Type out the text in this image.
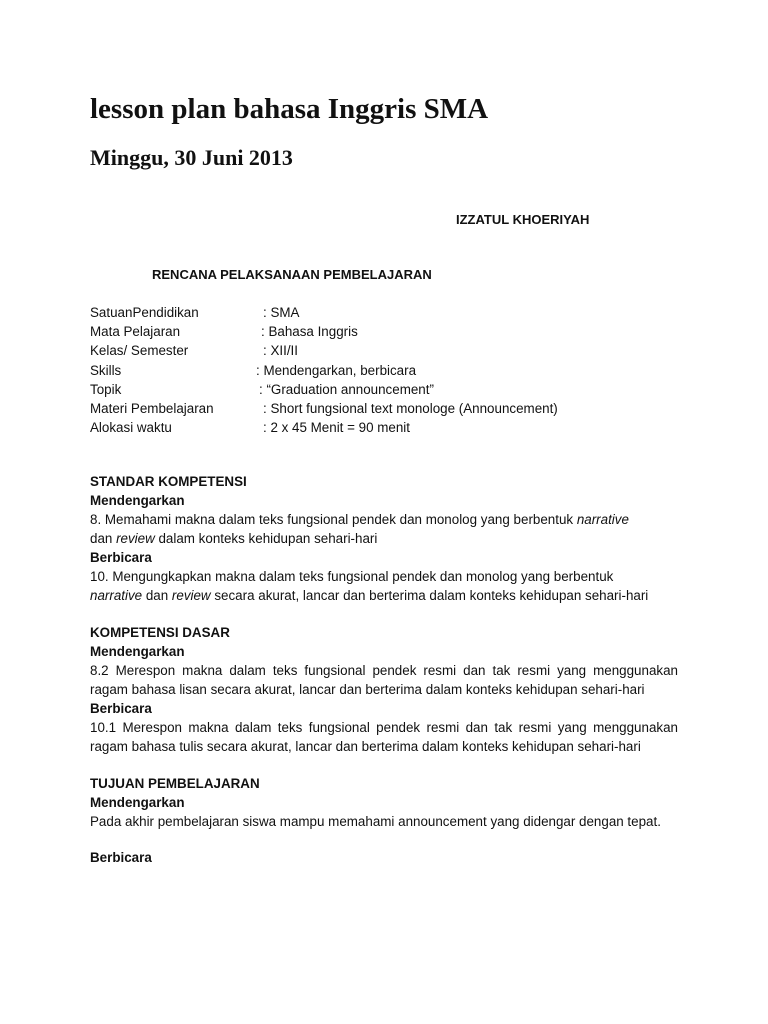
lesson plan bahasa Inggris SMA
Minggu, 30 Juni 2013
IZZATUL KHOERIYAH
RENCANA PELAKSANAAN PEMBELAJARAN
SatuanPendidikan	: SMA
Mata Pelajaran	: Bahasa Inggris
Kelas/ Semester	: XII/II
Skills	: Mendengarkan, berbicara
Topik	: “Graduation announcement”
Materi Pembelajaran	: Short fungsional text monologe (Announcement)
Alokasi waktu	: 2 x 45 Menit = 90 menit
STANDAR KOMPETENSI
Mendengarkan
8. Memahami makna dalam teks fungsional pendek dan monolog yang berbentuk narrative
dan review dalam konteks kehidupan sehari-hari
Berbicara
10. Mengungkapkan makna dalam teks fungsional pendek dan monolog yang berbentuk
narrative dan review secara akurat, lancar dan berterima dalam konteks kehidupan sehari-hari
KOMPETENSI DASAR
Mendengarkan
8.2 Merespon makna dalam teks fungsional pendek resmi dan tak resmi yang menggunakan ragam bahasa lisan secara akurat, lancar dan berterima dalam konteks kehidupan sehari-hari
Berbicara
10.1 Merespon makna dalam teks fungsional pendek resmi dan tak resmi yang menggunakan ragam bahasa tulis secara akurat, lancar dan berterima dalam konteks kehidupan sehari-hari
TUJUAN PEMBELAJARAN
Mendengarkan
Pada akhir pembelajaran siswa mampu memahami announcement yang didengar dengan tepat.
Berbicara
